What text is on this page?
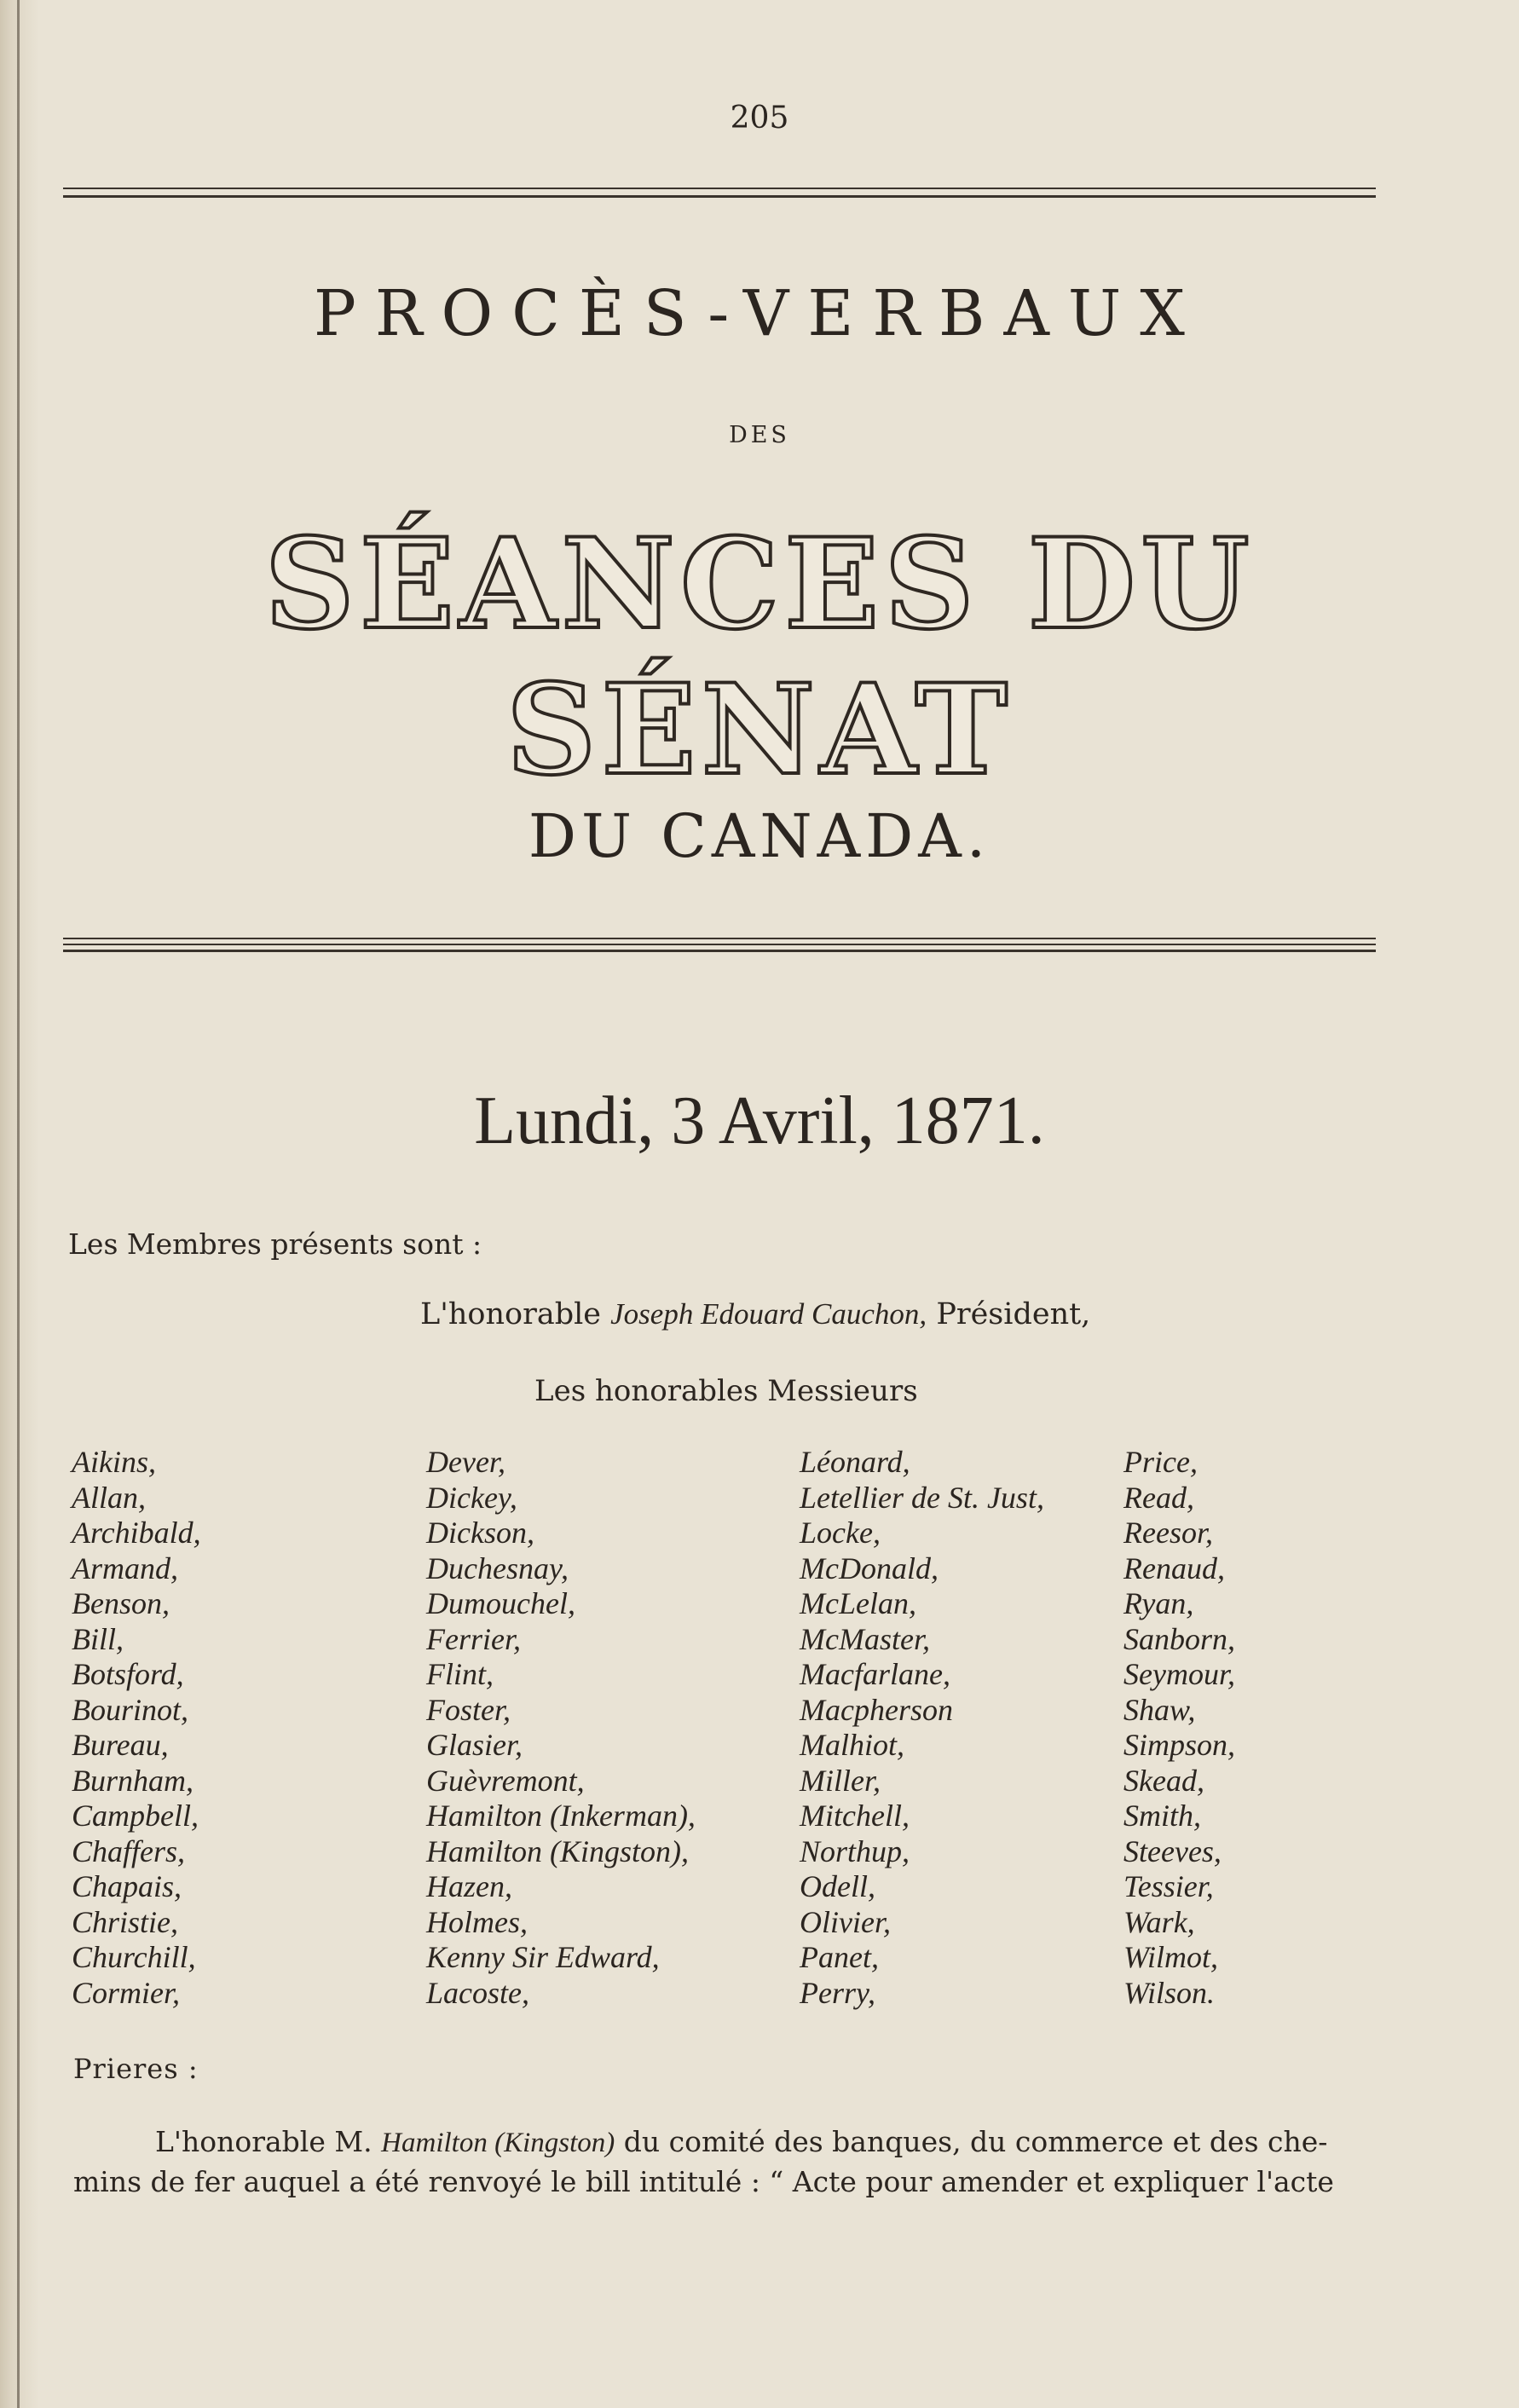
205
PROCÈS-VERBAUX
DES
SÉANCES DU SÉNAT
DU CANADA.
Lundi, 3 Avril, 1871.
Les Membres présents sont :
L'honorable Joseph Edouard Cauchon, Président,
Les honorables Messieurs
Aikins,
Allan,
Archibald,
Armand,
Benson,
Bill,
Botsford,
Bourinot,
Bureau,
Burnham,
Campbell,
Chaffers,
Chapais,
Christie,
Churchill,
Cormier,
Dever,
Dickey,
Dickson,
Duchesnay,
Dumouchel,
Ferrier,
Flint,
Foster,
Glasier,
Guèvremont,
Hamilton (Inkerman),
Hamilton (Kingston),
Hazen,
Holmes,
Kenny Sir Edward,
Lacoste,
Léonard,
Letellier de St. Just,
Locke,
McDonald,
McLelan,
McMaster,
Macfarlane,
Macpherson
Malhiot,
Miller,
Mitchell,
Northup,
Odell,
Olivier,
Panet,
Perry,
Price,
Read,
Reesor,
Renaud,
Ryan,
Sanborn,
Seymour,
Shaw,
Simpson,
Skead,
Smith,
Steeves,
Tessier,
Wark,
Wilmot,
Wilson.
Prieres :
L'honorable M. Hamilton (Kingston) du comité des banques, du commerce et des che-
mins de fer auquel a été renvoyé le bill intitulé : “ Acte pour amender et expliquer l'acte
